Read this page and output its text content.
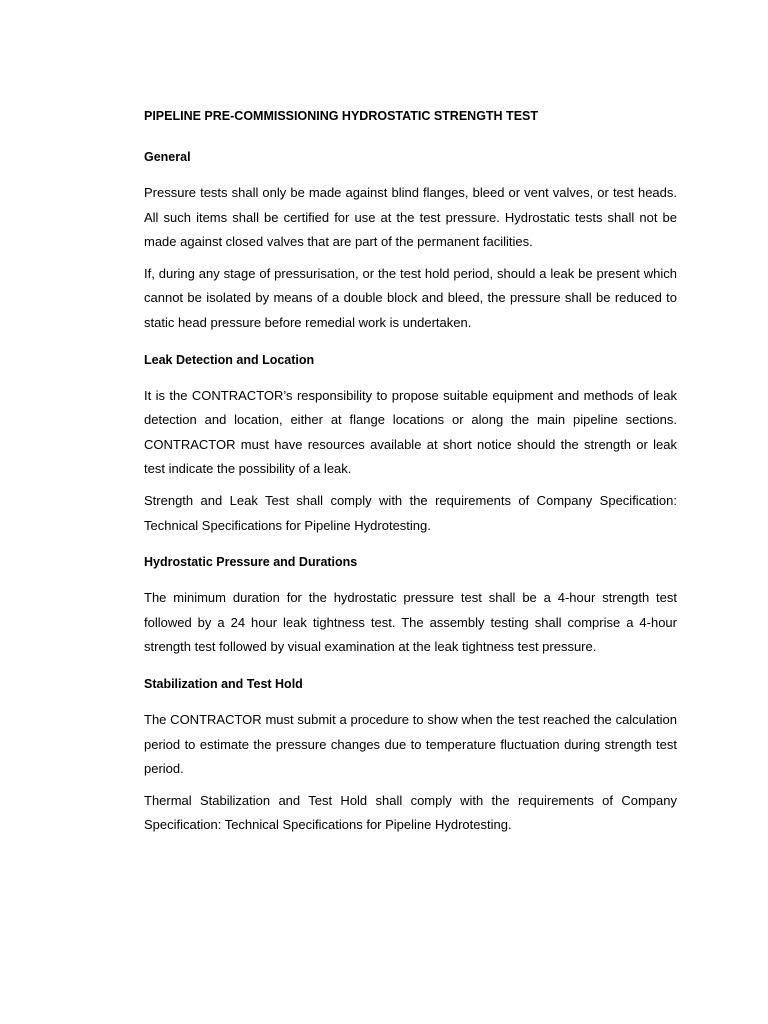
PIPELINE PRE-COMMISSIONING HYDROSTATIC STRENGTH TEST
General

Pressure tests shall only be made against blind flanges, bleed or vent valves, or test heads. All such items shall be certified for use at the test pressure. Hydrostatic tests shall not be made against closed valves that are part of the permanent facilities.

If, during any stage of pressurisation, or the test hold period, should a leak be present which cannot be isolated by means of a double block and bleed, the pressure shall be reduced to static head pressure before remedial work is undertaken.

Leak Detection and Location

It is the CONTRACTOR’s responsibility to propose suitable equipment and methods of leak detection and location, either at flange locations or along the main pipeline sections. CONTRACTOR must have resources available at short notice should the strength or leak test indicate the possibility of a leak.

Strength and Leak Test shall comply with the requirements of Company Specification: Technical Specifications for Pipeline Hydrotesting.

Hydrostatic Pressure and Durations

The minimum duration for the hydrostatic pressure test shall be a 4-hour strength test followed by a 24 hour leak tightness test. The assembly testing shall comprise a 4-hour strength test followed by visual examination at the leak tightness test pressure.

Stabilization and Test Hold

The CONTRACTOR must submit a procedure to show when the test reached the calculation period to estimate the pressure changes due to temperature fluctuation during strength test period.

Thermal Stabilization and Test Hold shall comply with the requirements of Company Specification: Technical Specifications for Pipeline Hydrotesting.
